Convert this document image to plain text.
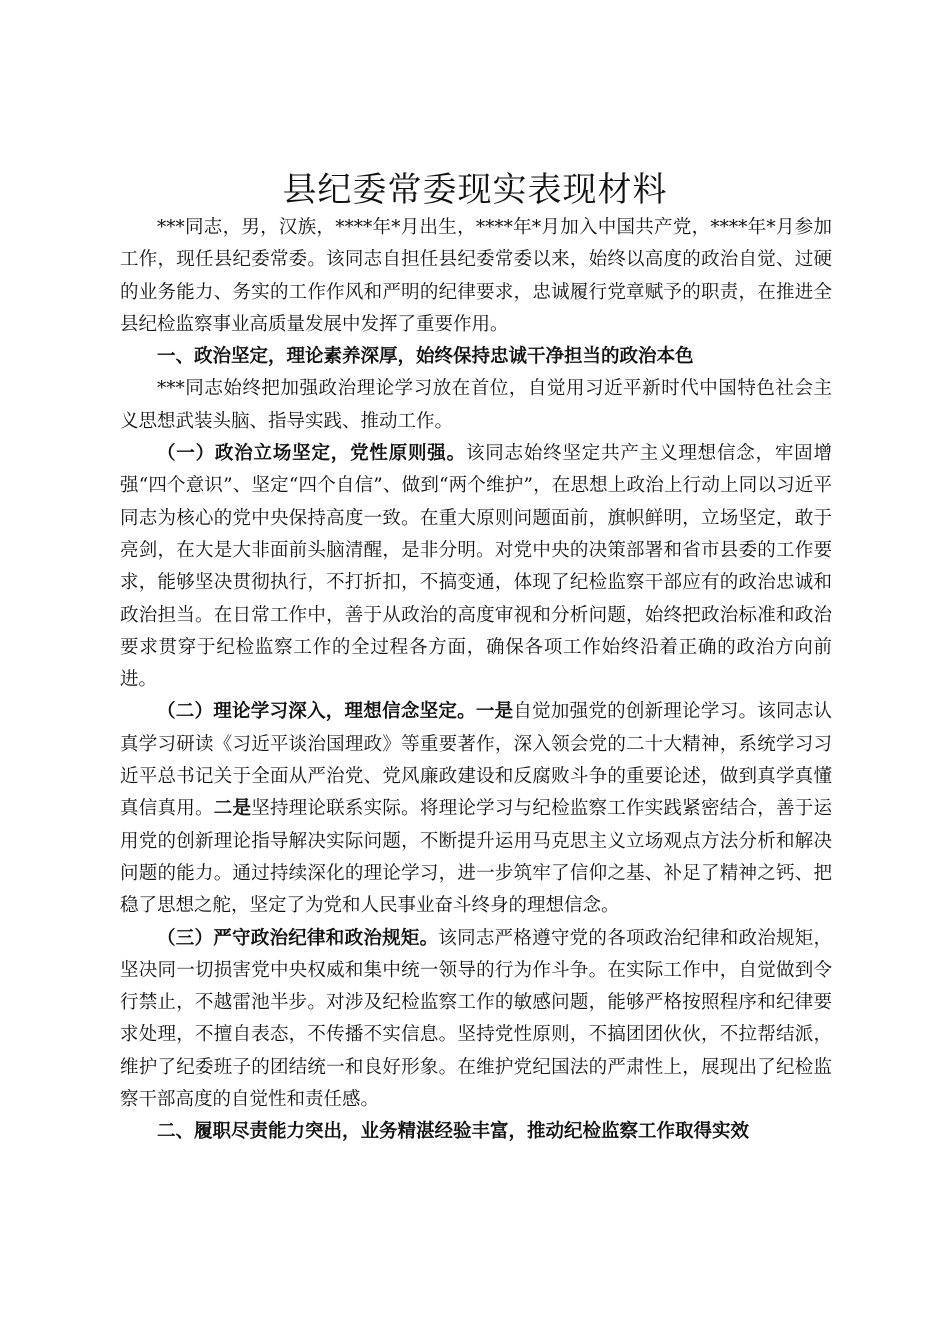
县纪委常委现实表现材料

***同志，男，汉族，****年*月出生，****年*月加入中国共产党，****年*月参加工作，现任县纪委常委。该同志自担任县纪委常委以来，始终以高度的政治自觉、过硬的业务能力、务实的工作作风和严明的纪律要求，忠诚履行党章赋予的职责，在推进全县纪检监察事业高质量发展中发挥了重要作用。

一、政治坚定，理论素养深厚，始终保持忠诚干净担当的政治本色

***同志始终把加强政治理论学习放在首位，自觉用习近平新时代中国特色社会主义思想武装头脑、指导实践、推动工作。

（一）政治立场坚定，党性原则强。该同志始终坚定共产主义理想信念，牢固增强“四个意识”、坚定“四个自信”、做到“两个维护”，在思想上政治上行动上同以习近平同志为核心的党中央保持高度一致。在重大原则问题面前，旗帜鲜明，立场坚定，敢于亮剑，在大是大非面前头脑清醒，是非分明。对党中央的决策部署和省市县委的工作要求，能够坚决贯彻执行，不打折扣，不搞变通，体现了纪检监察干部应有的政治忠诚和政治担当。在日常工作中，善于从政治的高度审视和分析问题，始终把政治标准和政治要求贯穿于纪检监察工作的全过程各方面，确保各项工作始终沿着正确的政治方向前进。

（二）理论学习深入，理想信念坚定。一是自觉加强党的创新理论学习。该同志认真学习研读《习近平谈治国理政》等重要著作，深入领会党的二十大精神，系统学习习近平总书记关于全面从严治党、党风廉政建设和反腐败斗争的重要论述，做到真学真懂真信真用。二是坚持理论联系实际。将理论学习与纪检监察工作实践紧密结合，善于运用党的创新理论指导解决实际问题，不断提升运用马克思主义立场观点方法分析和解决问题的能力。通过持续深化的理论学习，进一步筑牢了信仰之基、补足了精神之钙、把稳了思想之舵，坚定了为党和人民事业奋斗终身的理想信念。

（三）严守政治纪律和政治规矩。该同志严格遵守党的各项政治纪律和政治规矩，坚决同一切损害党中央权威和集中统一领导的行为作斗争。在实际工作中，自觉做到令行禁止，不越雷池半步。对涉及纪检监察工作的敏感问题，能够严格按照程序和纪律要求处理，不擅自表态，不传播不实信息。坚持党性原则，不搞团团伙伙，不拉帮结派，维护了纪委班子的团结统一和良好形象。在维护党纪国法的严肃性上，展现出了纪检监察干部高度的自觉性和责任感。

二、履职尽责能力突出，业务精湛经验丰富，推动纪检监察工作取得实效
